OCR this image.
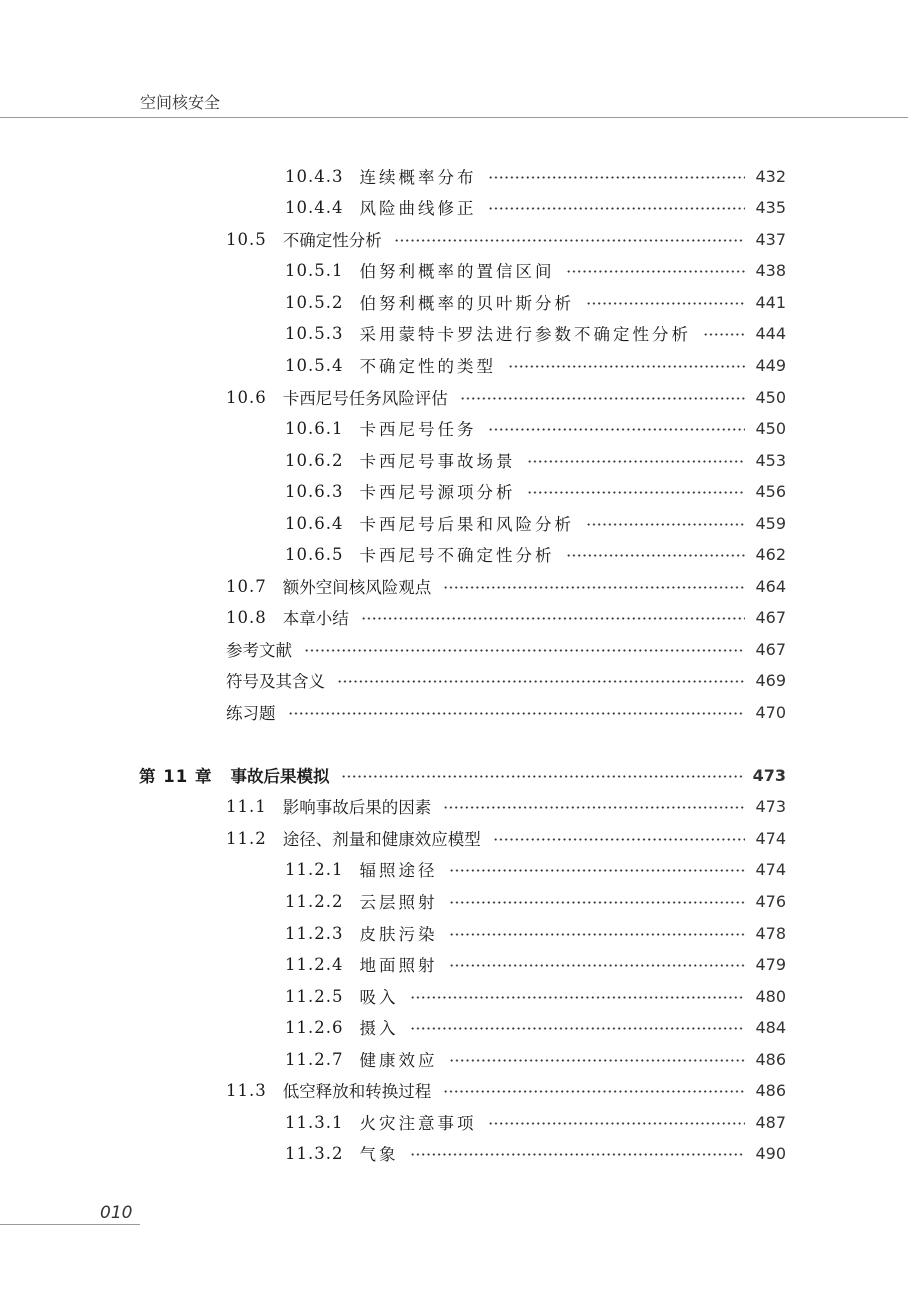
空间核安全
10.4.3 连续概率分布	432
10.4.4 风险曲线修正	435
10.5 不确定性分析	437
10.5.1 伯努利概率的置信区间	438
10.5.2 伯努利概率的贝叶斯分析	441
10.5.3 采用蒙特卡罗法进行参数不确定性分析	444
10.5.4 不确定性的类型	449
10.6 卡西尼号任务风险评估	450
10.6.1 卡西尼号任务	450
10.6.2 卡西尼号事故场景	453
10.6.3 卡西尼号源项分析	456
10.6.4 卡西尼号后果和风险分析	459
10.6.5 卡西尼号不确定性分析	462
10.7 额外空间核风险观点	464
10.8 本章小结	467
参考文献	467
符号及其含义	469
练习题	470
第 11 章 事故后果模拟	473
11.1 影响事故后果的因素	473
11.2 途径、剂量和健康效应模型	474
11.2.1 辐照途径	474
11.2.2 云层照射	476
11.2.3 皮肤污染	478
11.2.4 地面照射	479
11.2.5 吸入	480
11.2.6 摄入	484
11.2.7 健康效应	486
11.3 低空释放和转换过程	486
11.3.1 火灾注意事项	487
11.3.2 气象	490
010
